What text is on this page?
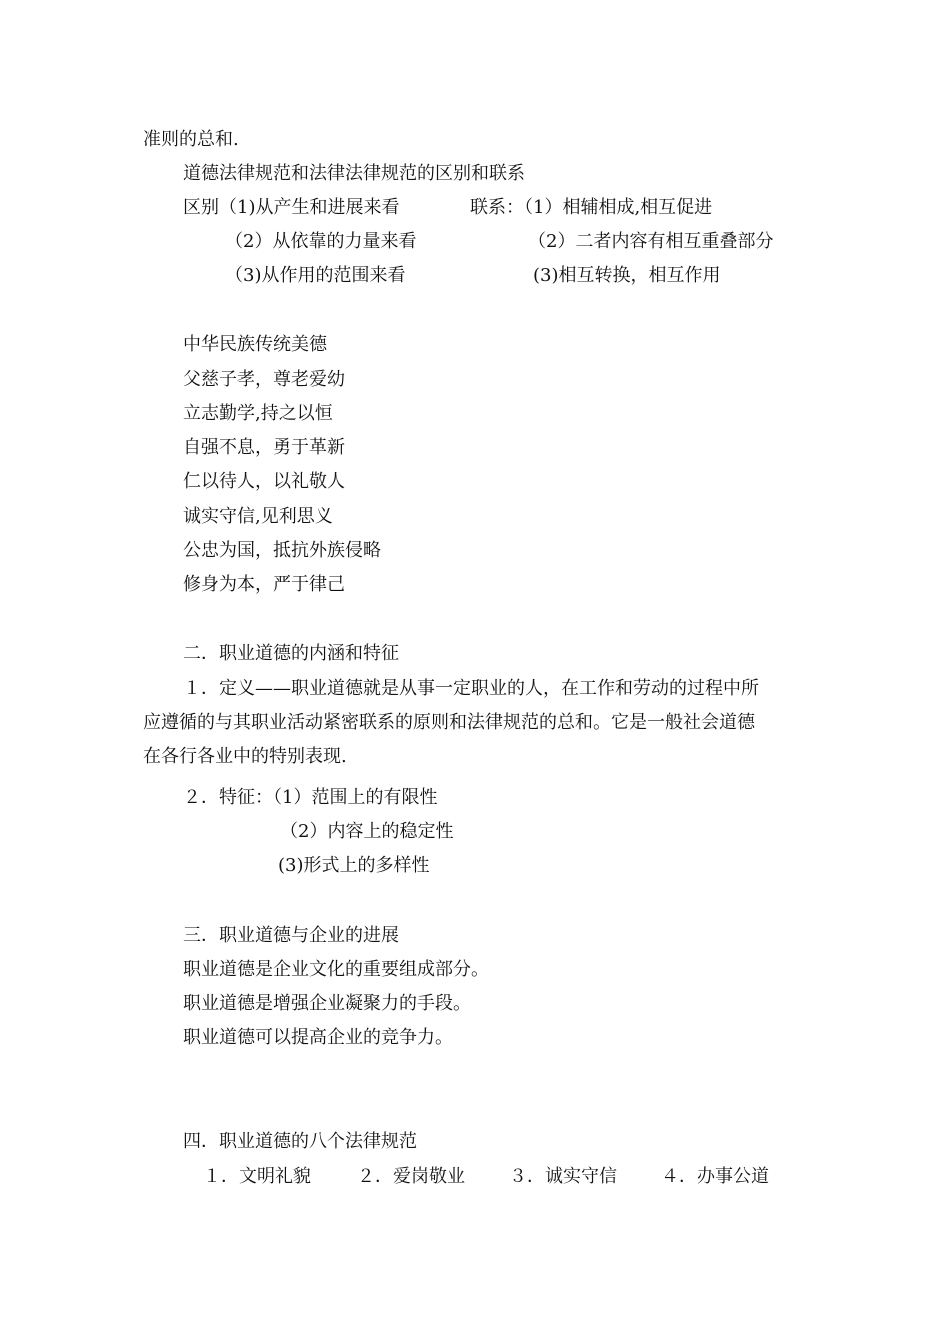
准则的总和.
道德法律规范和法律法律规范的区别和联系
区别（1)从产生和进展来看	联系：（1）相辅相成,相互促进
（2）从依靠的力量来看	（2）二者内容有相互重叠部分
（3)从作用的范围来看	(3)相互转换，相互作用
中华民族传统美德
父慈子孝，尊老爱幼
立志勤学,持之以恒
自强不息，勇于革新
仁以待人，以礼敬人
诚实守信,见利思义
公忠为国，抵抗外族侵略
修身为本，严于律己
二．职业道德的内涵和特征
１．定义——职业道德就是从事一定职业的人，在工作和劳动的过程中所
应遵循的与其职业活动紧密联系的原则和法律规范的总和。它是一般社会道德
在各行各业中的特别表现.
２．特征：（1）范围上的有限性
（2）内容上的稳定性
(3)形式上的多样性
三．职业道德与企业的进展
职业道德是企业文化的重要组成部分。
职业道德是增强企业凝聚力的手段。
职业道德可以提高企业的竞争力。
四．职业道德的八个法律规范
１．文明礼貌	２．爱岗敬业 ３．诚实守信 ４．办事公道
